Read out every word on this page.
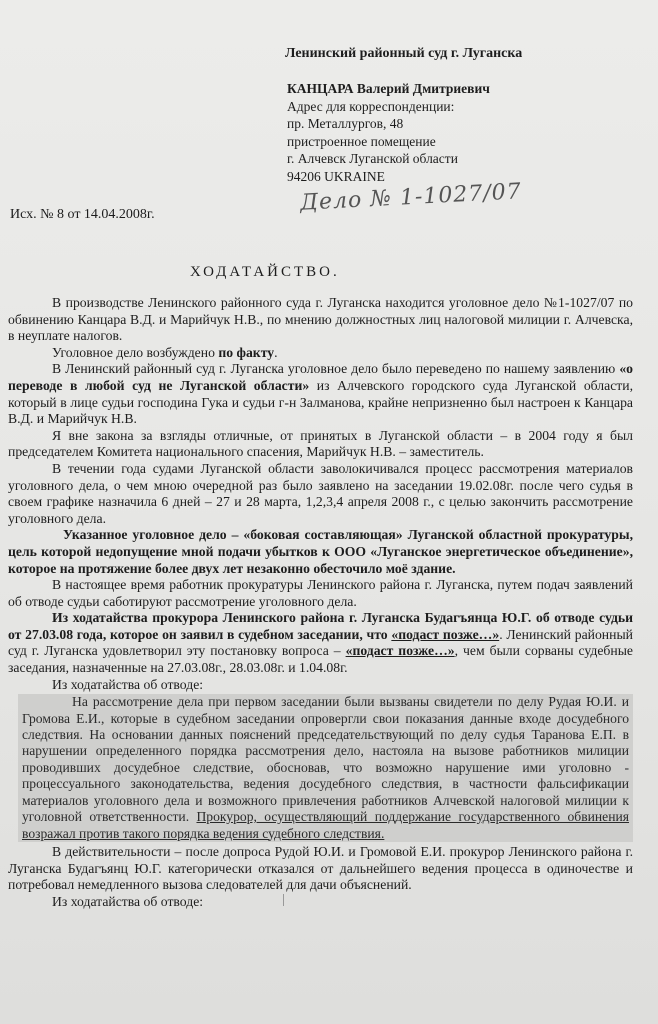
Ленинский районный суд г. Луганска
КАНЦАРА Валерий Дмитриевич
Адрес для корреспонденции:
пр. Металлургов, 48
пристроенное помещение
г. Алчевск Луганской области
94206 UKRAINE
Дело № 1-1027/07
Исх. № 8 от 14.04.2008г.
ХОДАТАЙСТВО.

В производстве Ленинского районного суда г. Луганска находится уголовное дело №1-1027/07 по обвинению Канцара В.Д. и Марийчук Н.В., по мнению должностных лиц налоговой милиции г. Алчевска, в неуплате налогов.

Уголовное дело возбуждено по факту.

В Ленинский районный суд г. Луганска уголовное дело было переведено по нашему заявлению «о переводе в любой суд не Луганской области» из Алчевского городского суда Луганской области, который в лице судьи господина Гука и судьи г-н Залманова, крайне непризненно был настроен к Канцара В.Д. и Марийчук Н.В.

Я вне закона за взгляды отличные, от принятых в Луганской области – в 2004 году я был председателем Комитета национального спасения, Марийчук Н.В. – заместитель.

В течении года судами Луганской области заволокичивался процесс рассмотрения материалов уголовного дела, о чем мною очередной раз было заявлено на заседании 19.02.08г. после чего судья в своем графике назначила 6 дней – 27 и 28 марта, 1,2,3,4 апреля 2008 г., с целью закончить рассмотрение уголовного дела.

Указанное уголовное дело – «боковая составляющая» Луганской областной прокуратуры, цель которой недопущение мной подачи убытков к ООО «Луганское энергетическое объединение», которое на протяжение более двух лет незаконно обесточило моё здание.

В настоящее время работник прокуратуры Ленинского района г. Луганска, путем подач заявлений об отводе судьи саботируют рассмотрение уголовного дела.

Из ходатайства прокурора Ленинского района г. Луганска Будагъянца Ю.Г. об отводе судьи от 27.03.08 года, которое он заявил в судебном заседании, что «подаст позже…». Ленинский районный суд г. Луганска удовлетворил эту постановку вопроса – «подаст позже…», чем были сорваны судебные заседания, назначенные на 27.03.08г., 28.03.08г. и 1.04.08г.

Из ходатайства об отводе:

На рассмотрение дела при первом заседании были вызваны свидетели по делу Рудая Ю.И. и Громова Е.И., которые в судебном заседании опровергли свои показания данные входе досудебного следствия. На основании данных пояснений председательствующий по делу судья Таранова Е.П. в нарушении определенного порядка рассмотрения дело, настояла на вызове работников милиции проводивших досудебное следствие, обосновав, что возможно нарушение ими уголовно - процессуального законодательства, ведения досудебного следствия, в частности фальсификации материалов уголовного дела и возможного привлечения работников Алчевской налоговой милиции к уголовной ответственности. Прокурор, осуществляющий поддержание государственного обвинения возражал против такого порядка ведения судебного следствия.

В действительности – после допроса Рудой Ю.И. и Громовой Е.И. прокурор Ленинского района г. Луганска Будагъянц Ю.Г. категорически отказался от дальнейшего ведения процесса в одиночестве и потребовал немедленного вызова следователей для дачи объяснений.

Из ходатайства об отводе:
